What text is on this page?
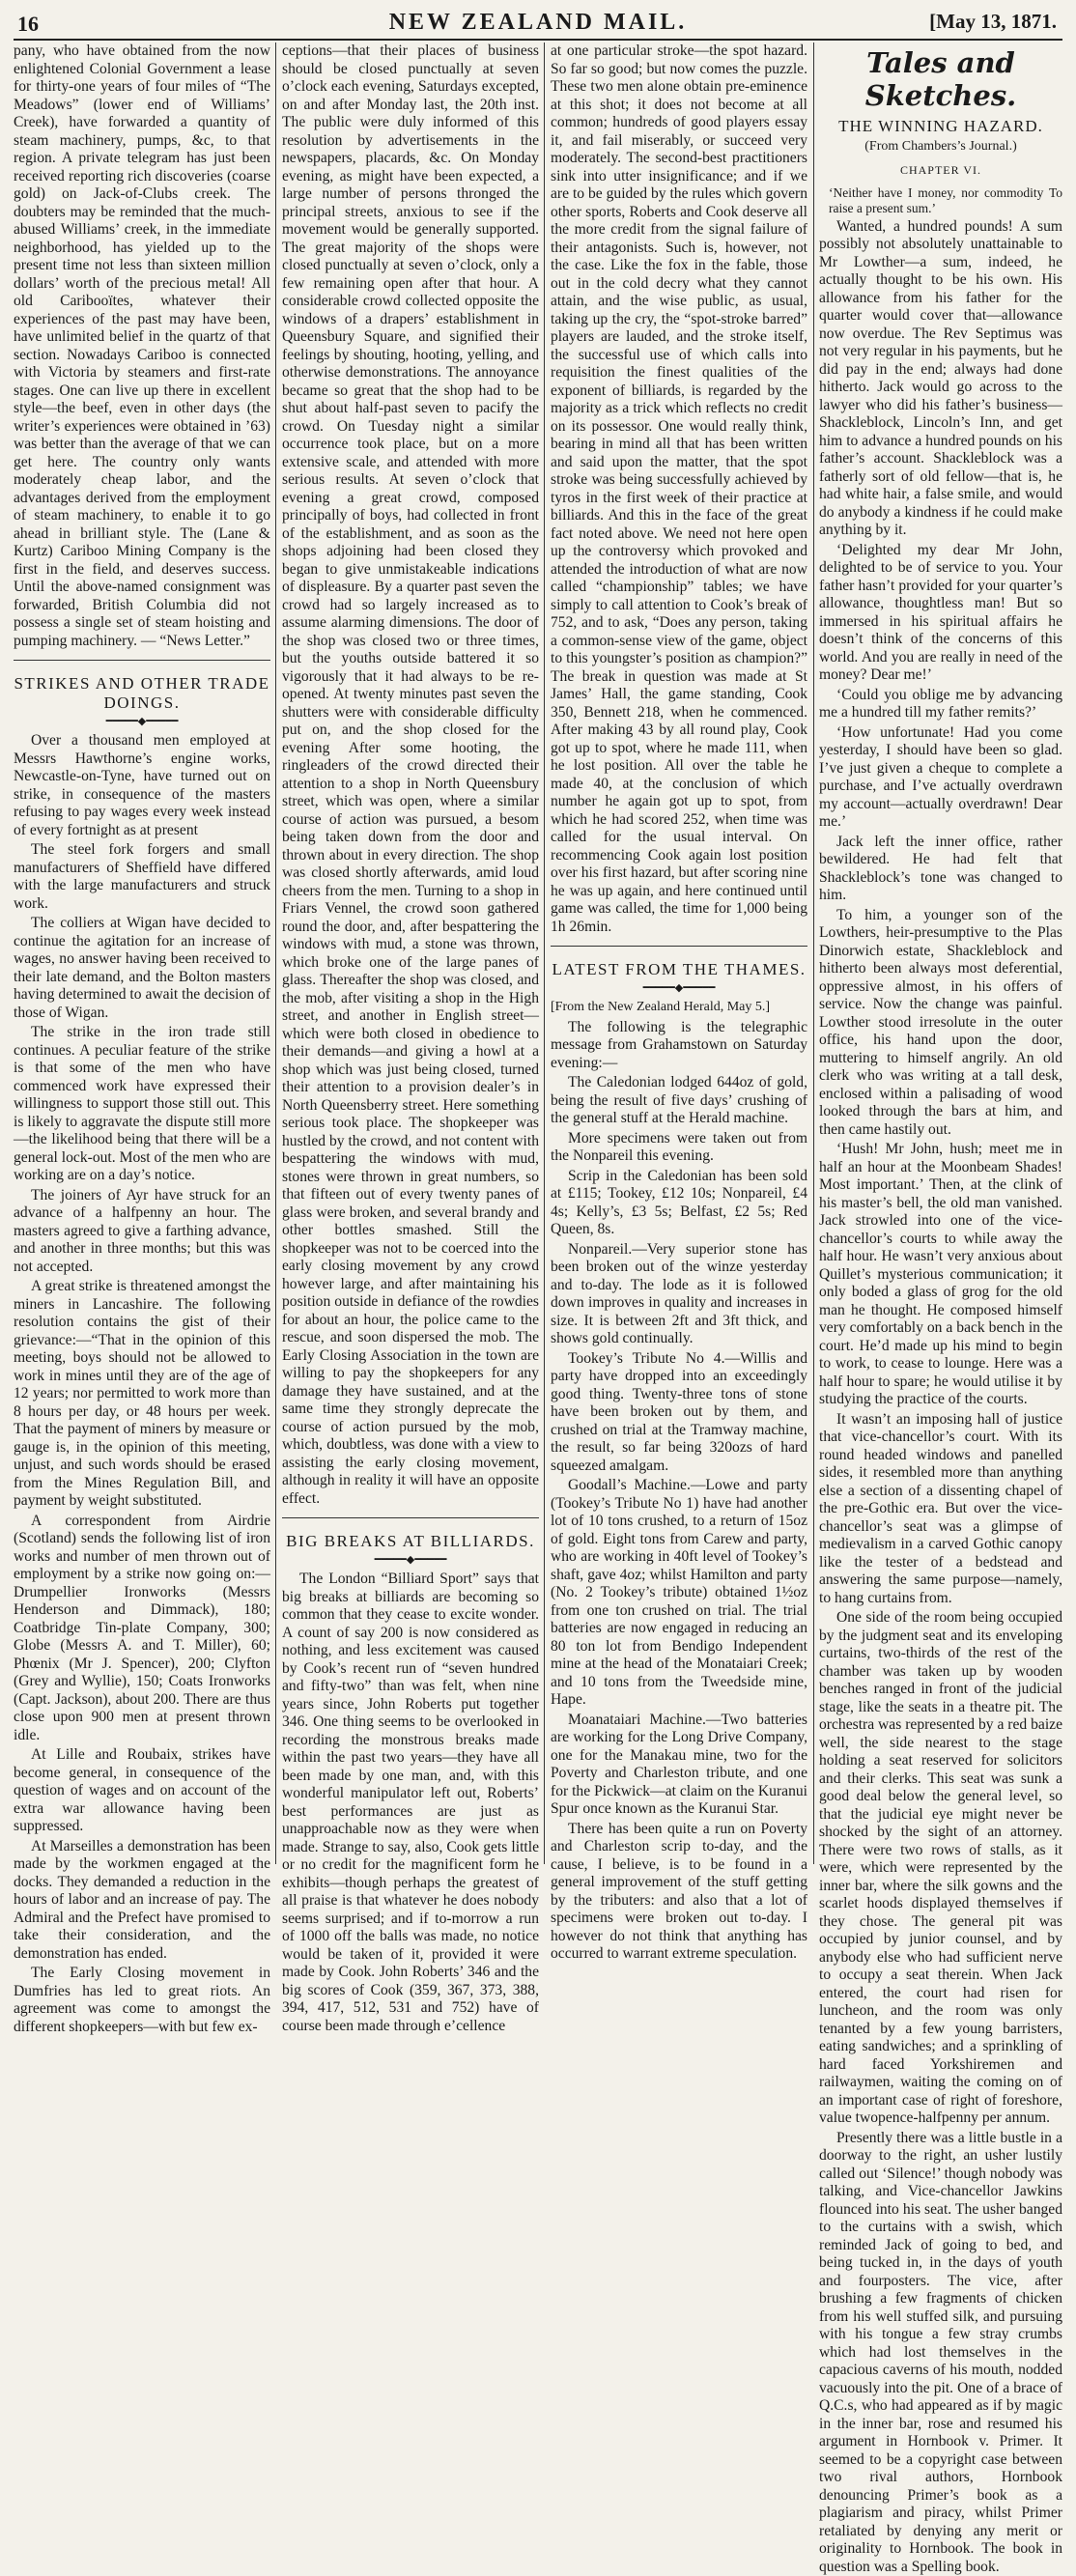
16	NEW ZEALAND MAIL.	[May 13, 1871.

pany, who have obtained from the now enlightened Colonial Government a lease for thirty-one years of four miles of “The Meadows” (lower end of Williams’ Creek), have forwarded a quantity of steam machinery, pumps, &c, to that region. A private telegram has just been received reporting rich discoveries (coarse gold) on Jack-of-Clubs creek. The doubters may be reminded that the much-abused Williams’ creek, in the immediate neighborhood, has yielded up to the present time not less than sixteen million dollars’ worth of the precious metal! All old Caribooïtes, whatever their experiences of the past may have been, have unlimited belief in the quartz of that section. Nowadays Cariboo is connected with Victoria by steamers and first-rate stages. One can live up there in excellent style—the beef, even in other days (the writer’s experiences were obtained in ’63) was better than the average of that we can get here. The country only wants moderately cheap labor, and the advantages derived from the employment of steam machinery, to enable it to go ahead in brilliant style. The (Lane & Kurtz) Cariboo Mining Company is the first in the field, and deserves success. Until the above-named consignment was forwarded, British Columbia did not possess a single set of steam hoisting and pumping machinery. — “News Letter.”

STRIKES AND OTHER TRADE DOINGS.
━━━━━◆━━━━━

Over a thousand men employed at Messrs Hawthorne’s engine works, Newcastle-on-Tyne, have turned out on strike, in consequence of the masters refusing to pay wages every week instead of every fortnight as at present

The steel fork forgers and small manufacturers of Sheffield have differed with the large manufacturers and struck work.

The colliers at Wigan have decided to continue the agitation for an increase of wages, no answer having been received to their late demand, and the Bolton masters having determined to await the decision of those of Wigan.

The strike in the iron trade still continues. A peculiar feature of the strike is that some of the men who have commenced work have expressed their willingness to support those still out. This is likely to aggravate the dispute still more—the likelihood being that there will be a general lock-out. Most of the men who are working are on a day’s notice.

The joiners of Ayr have struck for an advance of a halfpenny an hour. The masters agreed to give a farthing advance, and another in three months; but this was not accepted.

A great strike is threatened amongst the miners in Lancashire. The following resolution contains the gist of their grievance:—“That in the opinion of this meeting, boys should not be allowed to work in mines until they are of the age of 12 years; nor permitted to work more than 8 hours per day, or 48 hours per week. That the payment of miners by measure or gauge is, in the opinion of this meeting, unjust, and such words should be erased from the Mines Regulation Bill, and payment by weight substituted.

A correspondent from Airdrie (Scotland) sends the following list of iron works and number of men thrown out of employment by a strike now going on:—Drumpellier Ironworks (Messrs Henderson and Dimmack), 180; Coatbridge Tin-plate Company, 300; Globe (Messrs A. and T. Miller), 60; Phœnix (Mr J. Spencer), 200; Clyfton (Grey and Wyllie), 150; Coats Ironworks (Capt. Jackson), about 200. There are thus close upon 900 men at present thrown idle.

At Lille and Roubaix, strikes have become general, in consequence of the question of wages and on account of the extra war allowance having been suppressed.

At Marseilles a demonstration has been made by the workmen engaged at the docks. They demanded a reduction in the hours of labor and an increase of pay. The Admiral and the Prefect have promised to take their consideration, and the demonstration has ended.

The Early Closing movement in Dumfries has led to great riots. An agreement was come to amongst the different shopkeepers—with but few ex-

ceptions—that their places of business should be closed punctually at seven o’clock each evening, Saturdays excepted, on and after Monday last, the 20th inst. The public were duly informed of this resolution by advertisements in the newspapers, placards, &c. On Monday evening, as might have been expected, a large number of persons thronged the principal streets, anxious to see if the movement would be generally supported. The great majority of the shops were closed punctually at seven o’clock, only a few remaining open after that hour. A considerable crowd collected opposite the windows of a drapers’ establishment in Queensbury Square, and signified their feelings by shouting, hooting, yelling, and otherwise demonstrations. The annoyance became so great that the shop had to be shut about half-past seven to pacify the crowd. On Tuesday night a similar occurrence took place, but on a more extensive scale, and attended with more serious results. At seven o’clock that evening a great crowd, composed principally of boys, had collected in front of the establishment, and as soon as the shops adjoining had been closed they began to give unmistakeable indications of displeasure. By a quarter past seven the crowd had so largely increased as to assume alarming dimensions. The door of the shop was closed two or three times, but the youths outside battered it so vigorously that it had always to be re-opened. At twenty minutes past seven the shutters were with considerable difficulty put on, and the shop closed for the evening After some hooting, the ringleaders of the crowd directed their attention to a shop in North Queensbury street, which was open, where a similar course of action was pursued, a besom being taken down from the door and thrown about in every direction. The shop was closed shortly afterwards, amid loud cheers from the men. Turning to a shop in Friars Vennel, the crowd soon gathered round the door, and, after bespattering the windows with mud, a stone was thrown, which broke one of the large panes of glass. Thereafter the shop was closed, and the mob, after visiting a shop in the High street, and another in English street—which were both closed in obedience to their demands—and giving a howl at a shop which was just being closed, turned their attention to a provision dealer’s in North Queensberry street. Here something serious took place. The shopkeeper was hustled by the crowd, and not content with bespattering the windows with mud, stones were thrown in great numbers, so that fifteen out of every twenty panes of glass were broken, and several brandy and other bottles smashed. Still the shopkeeper was not to be coerced into the early closing movement by any crowd however large, and after maintaining his position outside in defiance of the rowdies for about an hour, the police came to the rescue, and soon dispersed the mob. The Early Closing Association in the town are willing to pay the shopkeepers for any damage they have sustained, and at the same time they strongly deprecate the course of action pursued by the mob, which, doubtless, was done with a view to assisting the early closing movement, although in reality it will have an opposite effect.

BIG BREAKS AT BILLIARDS.
━━━━━◆━━━━━

The London “Billiard Sport” says that big breaks at billiards are becoming so common that they cease to excite wonder. A count of say 200 is now considered as nothing, and less excitement was caused by Cook’s recent run of “seven hundred and fifty-two” than was felt, when nine years since, John Roberts put together 346. One thing seems to be overlooked in recording the monstrous breaks made within the past two years—they have all been made by one man, and, with this wonderful manipulator left out, Roberts’ best performances are just as unapproachable now as they were when made. Strange to say, also, Cook gets little or no credit for the magnificent form he exhibits—though perhaps the greatest of all praise is that whatever he does nobody seems surprised; and if to-morrow a run of 1000 off the balls was made, no notice would be taken of it, provided it were made by Cook. John Roberts’ 346 and the big scores of Cook (359, 367, 373, 388, 394, 417, 512, 531 and 752) have of course been made through e’cellence

at one particular stroke—the spot hazard. So far so good; but now comes the puzzle. These two men alone obtain pre-eminence at this shot; it does not become at all common; hundreds of good players essay it, and fail miserably, or succeed very moderately. The second-best practitioners sink into utter insignificance; and if we are to be guided by the rules which govern other sports, Roberts and Cook deserve all the more credit from the signal failure of their antagonists. Such is, however, not the case. Like the fox in the fable, those out in the cold decry what they cannot attain, and the wise public, as usual, taking up the cry, the “spot-stroke barred” players are lauded, and the stroke itself, the successful use of which calls into requisition the finest qualities of the exponent of billiards, is regarded by the majority as a trick which reflects no credit on its possessor. One would really think, bearing in mind all that has been written and said upon the matter, that the spot stroke was being successfully achieved by tyros in the first week of their practice at billiards. And this in the face of the great fact noted above. We need not here open up the controversy which provoked and attended the introduction of what are now called “championship” tables; we have simply to call attention to Cook’s break of 752, and to ask, “Does any person, taking a common-sense view of the game, object to this youngster’s position as champion?” The break in question was made at St James’ Hall, the game standing, Cook 350, Bennett 218, when he commenced. After making 43 by all round play, Cook got up to spot, where he made 111, when he lost position. All over the table he made 40, at the conclusion of which number he again got up to spot, from which he had scored 252, when time was called for the usual interval. On recommencing Cook again lost position over his first hazard, but after scoring nine he was up again, and here continued until game was called, the time for 1,000 being 1h 26min.

LATEST FROM THE THAMES.
━━━━━◆━━━━━

[From the New Zealand Herald, May 5.]

The following is the telegraphic message from Grahamstown on Saturday evening:—

The Caledonian lodged 644oz of gold, being the result of five days’ crushing of the general stuff at the Herald machine.

More specimens were taken out from the Nonpareil this evening.

Scrip in the Caledonian has been sold at £115; Tookey, £12 10s; Nonpareil, £4 4s; Kelly’s, £3 5s; Belfast, £2 5s; Red Queen, 8s.

Nonpareil.—Very superior stone has been broken out of the winze yesterday and to-day. The lode as it is followed down improves in quality and increases in size. It is between 2ft and 3ft thick, and shows gold continually.

Tookey’s Tribute No 4.—Willis and party have dropped into an exceedingly good thing. Twenty-three tons of stone have been broken out by them, and crushed on trial at the Tramway machine, the result, so far being 320ozs of hard squeezed amalgam.

Goodall’s Machine.—Lowe and party (Tookey’s Tribute No 1) have had another lot of 10 tons crushed, to a return of 15oz of gold. Eight tons from Carew and party, who are working in 40ft level of Tookey’s shaft, gave 4oz; whilst Hamilton and party (No. 2 Tookey’s tribute) obtained 1½oz from one ton crushed on trial. The trial batteries are now engaged in reducing an 80 ton lot from Bendigo Independent mine at the head of the Monataiari Creek; and 10 tons from the Tweedside mine, Hape.

Moanataiari Machine.—Two batteries are working for the Long Drive Company, one for the Manakau mine, two for the Poverty and Charleston tribute, and one for the Pickwick—at claim on the Kuranui Spur once known as the Kuranui Star.

There has been quite a run on Poverty and Charleston scrip to-day, and the cause, I believe, is to be found in a general improvement of the stuff getting by the tributers: and also that a lot of specimens were broken out to-day. I however do not think that anything has occurred to warrant extreme speculation.

Tales and Sketches.
THE WINNING HAZARD.
(From Chambers’s Journal.)
CHAPTER VI.

‘Neither have I money, nor commodity To raise a present sum.’

Wanted, a hundred pounds! A sum possibly not absolutely unattainable to Mr Lowther—a sum, indeed, he actually thought to be his own. His allowance from his father for the quarter would cover that—allowance now overdue. The Rev Septimus was not very regular in his payments, but he did pay in the end; always had done hitherto. Jack would go across to the lawyer who did his father’s business—Shackleblock, Lincoln’s Inn, and get him to advance a hundred pounds on his father’s account. Shackleblock was a fatherly sort of old fellow—that is, he had white hair, a false smile, and would do anybody a kindness if he could make anything by it.

‘Delighted my dear Mr John, delighted to be of service to you. Your father hasn’t provided for your quarter’s allowance, thoughtless man! But so immersed in his spiritual affairs he doesn’t think of the concerns of this world. And you are really in need of the money? Dear me!’

‘Could you oblige me by advancing me a hundred till my father remits?’

‘How unfortunate! Had you come yesterday, I should have been so glad. I’ve just given a cheque to complete a purchase, and I’ve actually overdrawn my account—actually overdrawn! Dear me.’

Jack left the inner office, rather bewildered. He had felt that Shackleblock’s tone was changed to him.

To him, a younger son of the Lowthers, heir-presumptive to the Plas Dinorwich estate, Shackleblock and hitherto been always most deferential, oppressive almost, in his offers of service. Now the change was painful. Lowther stood irresolute in the outer office, his hand upon the door, muttering to himself angrily. An old clerk who was writing at a tall desk, enclosed within a palisading of wood looked through the bars at him, and then came hastily out.

‘Hush! Mr John, hush; meet me in half an hour at the Moonbeam Shades! Most important.’ Then, at the clink of his master’s bell, the old man vanished. Jack strowled into one of the vice-chancellor’s courts to while away the half hour. He wasn’t very anxious about Quillet’s mysterious communication; it only boded a glass of grog for the old man he thought. He composed himself very comfortably on a back bench in the court. He’d made up his mind to begin to work, to cease to lounge. Here was a half hour to spare; he would utilise it by studying the practice of the courts.

It wasn’t an imposing hall of justice that vice-chancellor’s court. With its round headed windows and panelled sides, it resembled more than anything else a section of a dissenting chapel of the pre-Gothic era. But over the vice-chancellor’s seat was a glimpse of medievalism in a carved Gothic canopy like the tester of a bedstead and answering the same purpose—namely, to hang curtains from.

One side of the room being occupied by the judgment seat and its enveloping curtains, two-thirds of the rest of the chamber was taken up by wooden benches ranged in front of the judicial stage, like the seats in a theatre pit. The orchestra was represented by a red baize well, the side nearest to the stage holding a seat reserved for solicitors and their clerks. This seat was sunk a good deal below the general level, so that the judicial eye might never be shocked by the sight of an attorney. There were two rows of stalls, as it were, which were represented by the inner bar, where the silk gowns and the scarlet hoods displayed themselves if they chose. The general pit was occupied by junior counsel, and by anybody else who had sufficient nerve to occupy a seat therein. When Jack entered, the court had risen for luncheon, and the room was only tenanted by a few young barristers, eating sandwiches; and a sprinkling of hard faced Yorkshiremen and railwaymen, waiting the coming on of an important case of right of foreshore, value twopence-halfpenny per annum.

Presently there was a little bustle in a doorway to the right, an usher lustily called out ‘Silence!’ though nobody was talking, and Vice-chancellor Jawkins flounced into his seat. The usher banged to the curtains with a swish, which reminded Jack of going to bed, and being tucked in, in the days of youth and fourposters. The vice, after brushing a few fragments of chicken from his well stuffed silk, and pursuing with his tongue a few stray crumbs which had lost themselves in the capacious caverns of his mouth, nodded vacuously into the pit. One of a brace of Q.C.s, who had appeared as if by magic in the inner bar, rose and resumed his argument in Hornbook v. Primer. It seemed to be a copyright case between two rival authors, Hornbook denouncing Primer’s book as a plagiarism and piracy, whilst Primer retaliated by denying any merit or originality to Hornbook. The book in question was a Spelling book.
